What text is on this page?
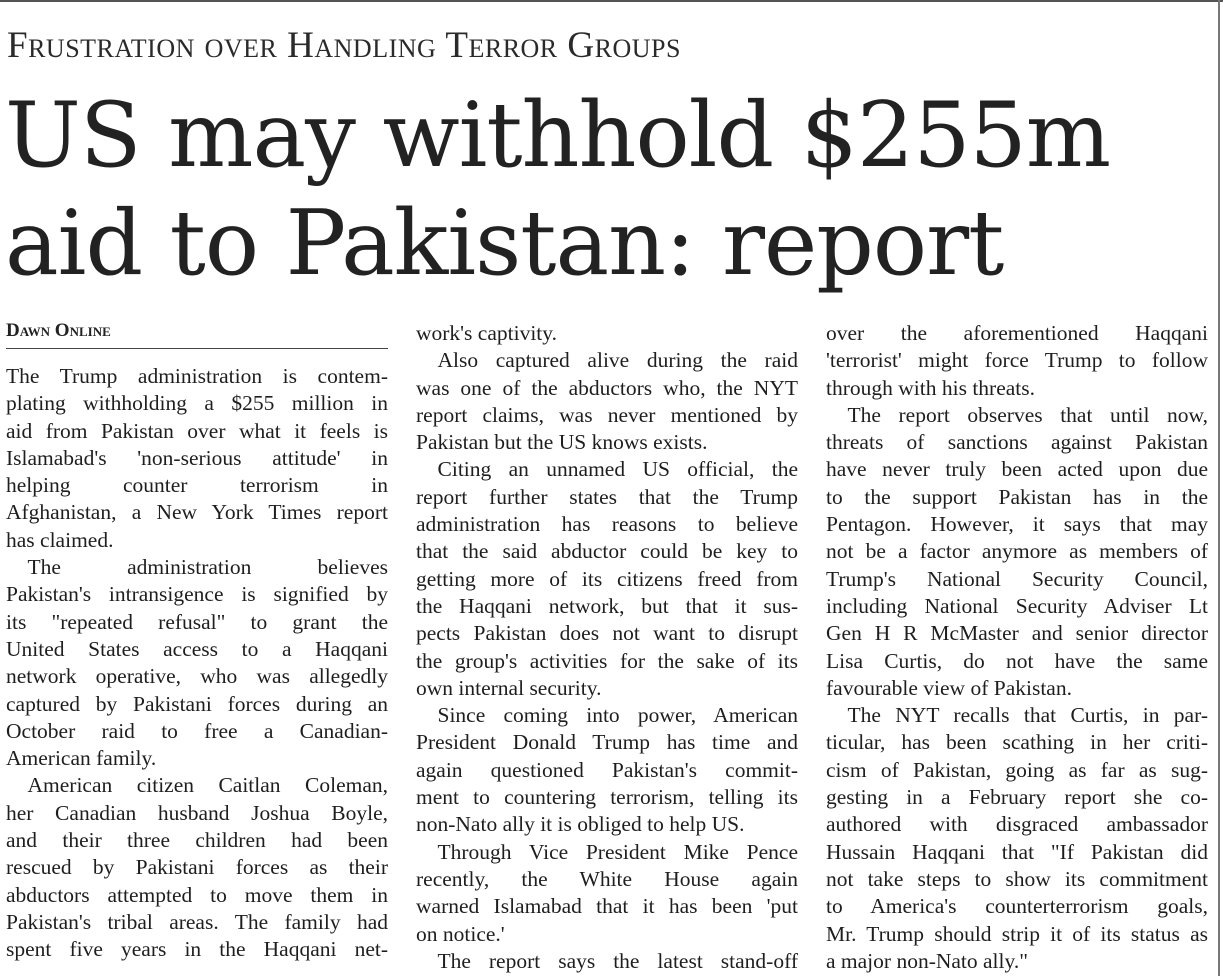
Frustration over Handling Terror Groups
US may withhold $255m
aid to Pakistan: report
Dawn Online
The Trump administration is contem-
plating withholding a $255 million in
aid from Pakistan over what it feels is
Islamabad's 'non-serious attitude' in
helping counter terrorism in
Afghanistan, a New York Times report
has claimed.
 The administration believes
Pakistan's intransigence is signified by
its "repeated refusal" to grant the
United States access to a Haqqani
network operative, who was allegedly
captured by Pakistani forces during an
October raid to free a Canadian-
American family.
 American citizen Caitlan Coleman,
her Canadian husband Joshua Boyle,
and their three children had been
rescued by Pakistani forces as their
abductors attempted to move them in
Pakistan's tribal areas. The family had
spent five years in the Haqqani net-
work's captivity.
 Also captured alive during the raid
was one of the abductors who, the NYT
report claims, was never mentioned by
Pakistan but the US knows exists.
 Citing an unnamed US official, the
report further states that the Trump
administration has reasons to believe
that the said abductor could be key to
getting more of its citizens freed from
the Haqqani network, but that it sus-
pects Pakistan does not want to disrupt
the group's activities for the sake of its
own internal security.
 Since coming into power, American
President Donald Trump has time and
again questioned Pakistan's commit-
ment to countering terrorism, telling its
non-Nato ally it is obliged to help US.
 Through Vice President Mike Pence
recently, the White House again
warned Islamabad that it has been 'put
on notice.'
 The report says the latest stand-off
over the aforementioned Haqqani
'terrorist' might force Trump to follow
through with his threats.
 The report observes that until now,
threats of sanctions against Pakistan
have never truly been acted upon due
to the support Pakistan has in the
Pentagon. However, it says that may
not be a factor anymore as members of
Trump's National Security Council,
including National Security Adviser Lt
Gen H R McMaster and senior director
Lisa Curtis, do not have the same
favourable view of Pakistan.
 The NYT recalls that Curtis, in par-
ticular, has been scathing in her criti-
cism of Pakistan, going as far as sug-
gesting in a February report she co-
authored with disgraced ambassador
Hussain Haqqani that "If Pakistan did
not take steps to show its commitment
to America's counterterrorism goals,
Mr. Trump should strip it of its status as
a major non-Nato ally."
